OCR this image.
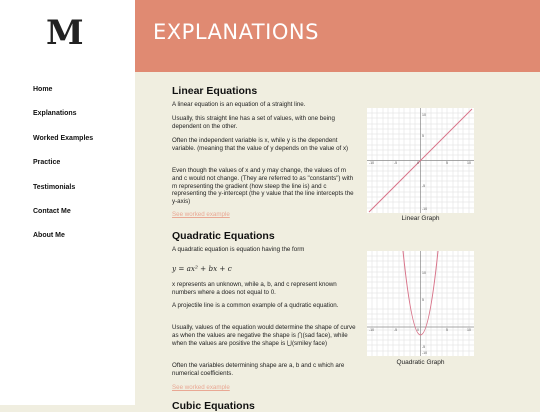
M
Home
Explanations
Worked Examples
Practice
Testimonials
Contact Me
About Me
EXPLANATIONS
Linear Equations
A linear equation is an equation of a straight line.
Usually, this straight line has a set of values, with one being dependent on the other.
Often the independent variable is x, while y is the dependent variable. (meaning that the value of y depends on the value of x)
Even though the values of x and y may change, the values of m and c would not change. (They are referred to as "constants") with m representing the gradient (how steep the line is) and c representing the y-intercept (the y value that the line intercepts the y-axis)
See worked example
-10	-5	0	5	10
10
5
-5
-10
Linear Graph
Quadratic Equations
A quadratic equation is equation having the form
y = ax² + bx + c
x represents an unknown, while a, b, and c represent known numbers where a does not equal to 0.
A projectile line is a common example of a qudratic equation.
Usually, values of the equation would determine the shape of curve as when the values are negative the shape is ⋂(sad face), while when the values are positive the shape is ⋃(smiley face)
Often the variables determining shape are a, b and c which are numerical coefficients.
See worked example
-10	-5	0	5	10
10
5
-5
-10
Quadratic Graph
Cubic Equations
